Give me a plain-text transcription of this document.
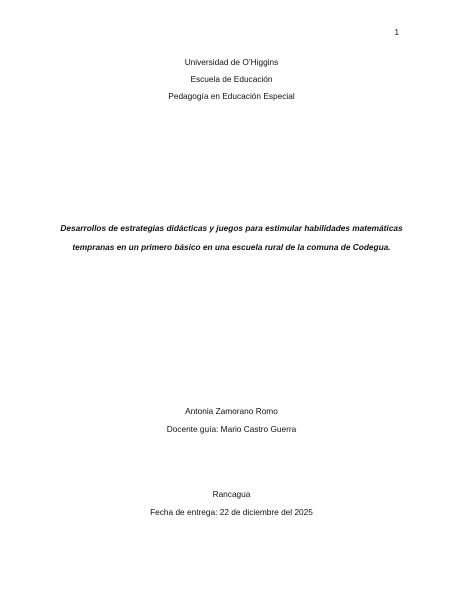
1
Universidad de O’Higgins
Escuela de Educación
Pedagogía en Educación Especial
Desarrollos de estrategias didácticas y juegos para estimular habilidades matemáticas
tempranas en un primero básico en una escuela rural de la comuna de Codegua.
Antonia Zamorano Romo
Docente guía: Mario Castro Guerra
Rancagua
Fecha de entrega: 22 de diciembre del 2025
